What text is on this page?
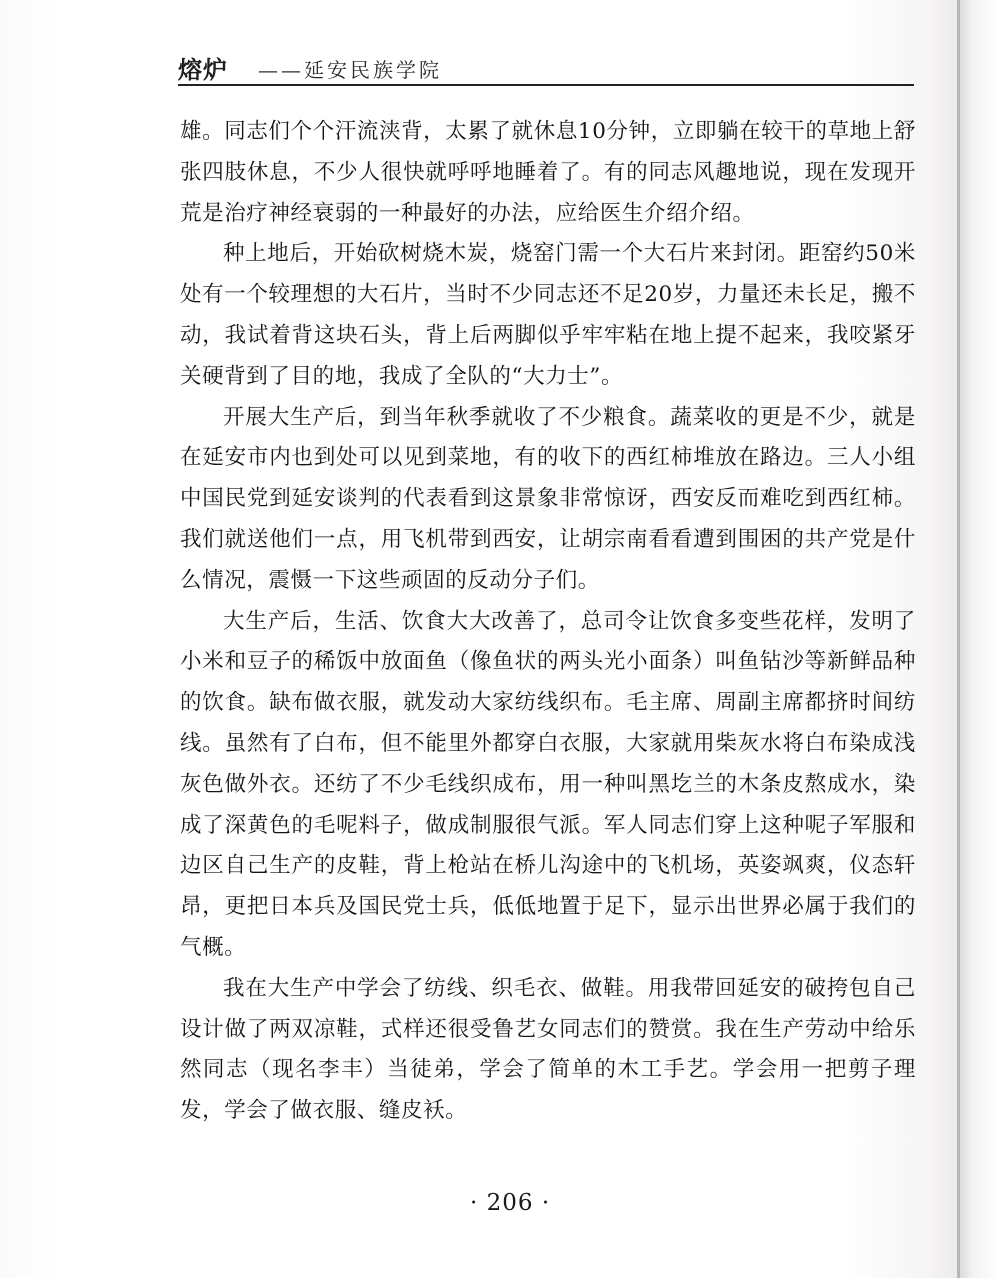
熔炉 ——延安民族学院

雄。同志们个个汗流浃背，太累了就休息10分钟，立即躺在较干的草地上舒张四肢休息，不少人很快就呼呼地睡着了。有的同志风趣地说，现在发现开荒是治疗神经衰弱的一种最好的办法，应给医生介绍介绍。

种上地后，开始砍树烧木炭，烧窑门需一个大石片来封闭。距窑约50米处有一个较理想的大石片，当时不少同志还不足20岁，力量还未长足，搬不动，我试着背这块石头，背上后两脚似乎牢牢粘在地上提不起来，我咬紧牙关硬背到了目的地，我成了全队的“大力士”。

开展大生产后，到当年秋季就收了不少粮食。蔬菜收的更是不少，就是在延安市内也到处可以见到菜地，有的收下的西红柿堆放在路边。三人小组中国民党到延安谈判的代表看到这景象非常惊讶，西安反而难吃到西红柿。我们就送他们一点，用飞机带到西安，让胡宗南看看遭到围困的共产党是什么情况，震慑一下这些顽固的反动分子们。

大生产后，生活、饮食大大改善了，总司令让饮食多变些花样，发明了小米和豆子的稀饭中放面鱼（像鱼状的两头光小面条）叫鱼钻沙等新鲜品种的饮食。缺布做衣服，就发动大家纺线织布。毛主席、周副主席都挤时间纺线。虽然有了白布，但不能里外都穿白衣服，大家就用柴灰水将白布染成浅灰色做外衣。还纺了不少毛线织成布，用一种叫黑圪兰的木条皮熬成水，染成了深黄色的毛呢料子，做成制服很气派。军人同志们穿上这种呢子军服和边区自己生产的皮鞋，背上枪站在桥儿沟途中的飞机场，英姿飒爽，仪态轩昂，更把日本兵及国民党士兵，低低地置于足下，显示出世界必属于我们的气概。

我在大生产中学会了纺线、织毛衣、做鞋。用我带回延安的破挎包自己设计做了两双凉鞋，式样还很受鲁艺女同志们的赞赏。我在生产劳动中给乐然同志（现名李丰）当徒弟，学会了简单的木工手艺。学会用一把剪子理发，学会了做衣服、缝皮袄。

· 206 ·
